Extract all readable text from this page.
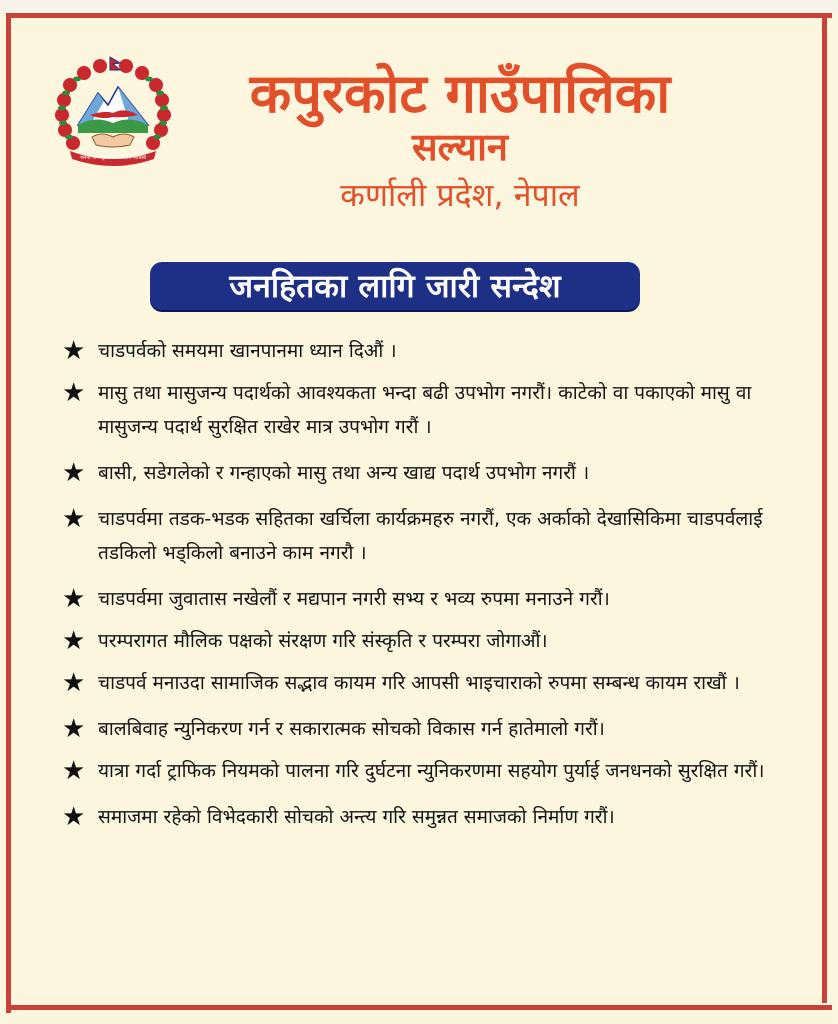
जननी जन्मभूमिश्च स्वर्गादपि गरीयसी
कपुरकोट गाउँपालिका
सल्यान
कर्णाली प्रदेश, नेपाल
जनहितका लागि जारी सन्देश
★ चाडपर्वको समयमा खानपानमा ध्यान दिऔं ।
★ मासु तथा मासुजन्य पदार्थको आवश्यकता भन्दा बढी उपभोग नगरौं। काटेको वा पकाएको मासु वा मासुजन्य पदार्थ सुरक्षित राखेर मात्र उपभोग गरौं ।
★ बासी, सडेगलेको र गन्हाएको मासु तथा अन्य खाद्य पदार्थ उपभोग नगरौं ।
★ चाडपर्वमा तडक-भडक सहितका खर्चिला कार्यक्रमहरु नगरौं, एक अर्काको देखासिकिमा चाडपर्वलाई तडकिलो भड्किलो बनाउने काम नगरौ ।
★ चाडपर्वमा जुवातास नखेलौं र मद्यपान नगरी सभ्य र भव्य रुपमा मनाउने गरौं।
★ परम्परागत मौलिक पक्षको संरक्षण गरि संस्कृति र परम्परा जोगाऔं।
★ चाडपर्व मनाउदा सामाजिक सद्भाव कायम गरि आपसी भाइचाराको रुपमा सम्बन्ध कायम राखौं ।
★ बालबिवाह न्युनिकरण गर्न र सकारात्मक सोचको विकास गर्न हातेमालो गरौं।
★ यात्रा गर्दा ट्राफिक नियमको पालना गरि दुर्घटना न्युनिकरणमा सहयोग पुर्याई जनधनको सुरक्षित गरौं।
★ समाजमा रहेको विभेदकारी सोचको अन्त्य गरि समुन्नत समाजको निर्माण गरौं।
